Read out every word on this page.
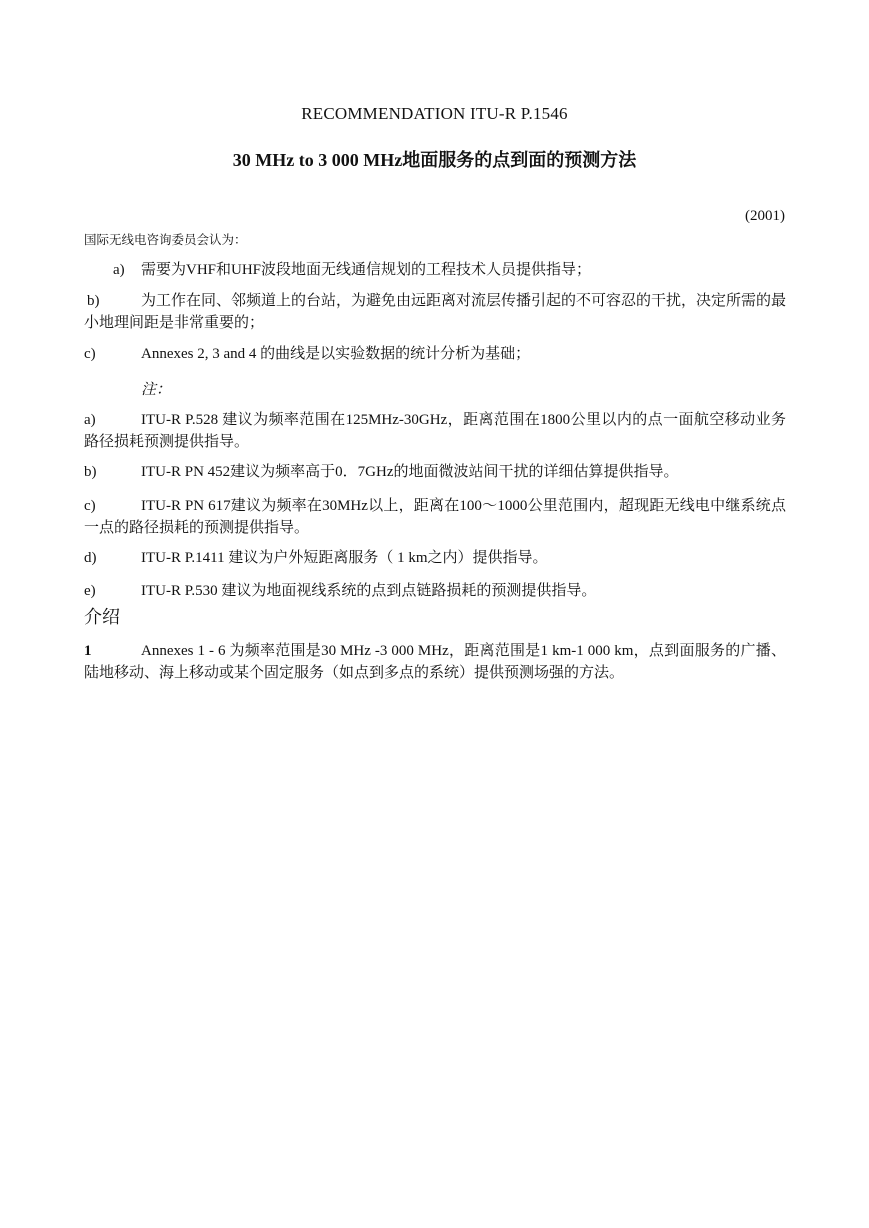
RECOMMENDATION ITU-R P.1546
30 MHz to 3 000 MHz地面服务的点到面的预测方法
(2001)
国际无线电咨询委员会认为：
a) 需要为VHF和UHF波段地面无线通信规划的工程技术人员提供指导；
b)	为工作在同、邻频道上的台站，为避免由远距离对流层传播引起的不可容忍的干扰，决定所需的最小地理间距是非常重要的；
c)	Annexes 2, 3 and 4 的曲线是以实验数据的统计分析为基础；
注：
a)	ITU-R P.528 建议为频率范围在125MHz-30GHz，距离范围在1800公里以内的点一面航空移动业务路径损耗预测提供指导。
b)	ITU-R PN 452建议为频率高于0．7GHz的地面微波站间干扰的详细估算提供指导。
c)	ITU-R PN 617建议为频率在30MHz以上，距离在100～1000公里范围内，超现距无线电中继系统点一点的路径损耗的预测提供指导。
d)	ITU-R P.1411 建议为户外短距离服务（ 1 km之内）提供指导。
e)	ITU-R P.530 建议为地面视线系统的点到点链路损耗的预测提供指导。
介绍
1	Annexes 1 - 6 为频率范围是30 MHz -3 000 MHz，距离范围是1 km-1 000 km，点到面服务的广播、陆地移动、海上移动或某个固定服务（如点到多点的系统）提供预测场强的方法。
